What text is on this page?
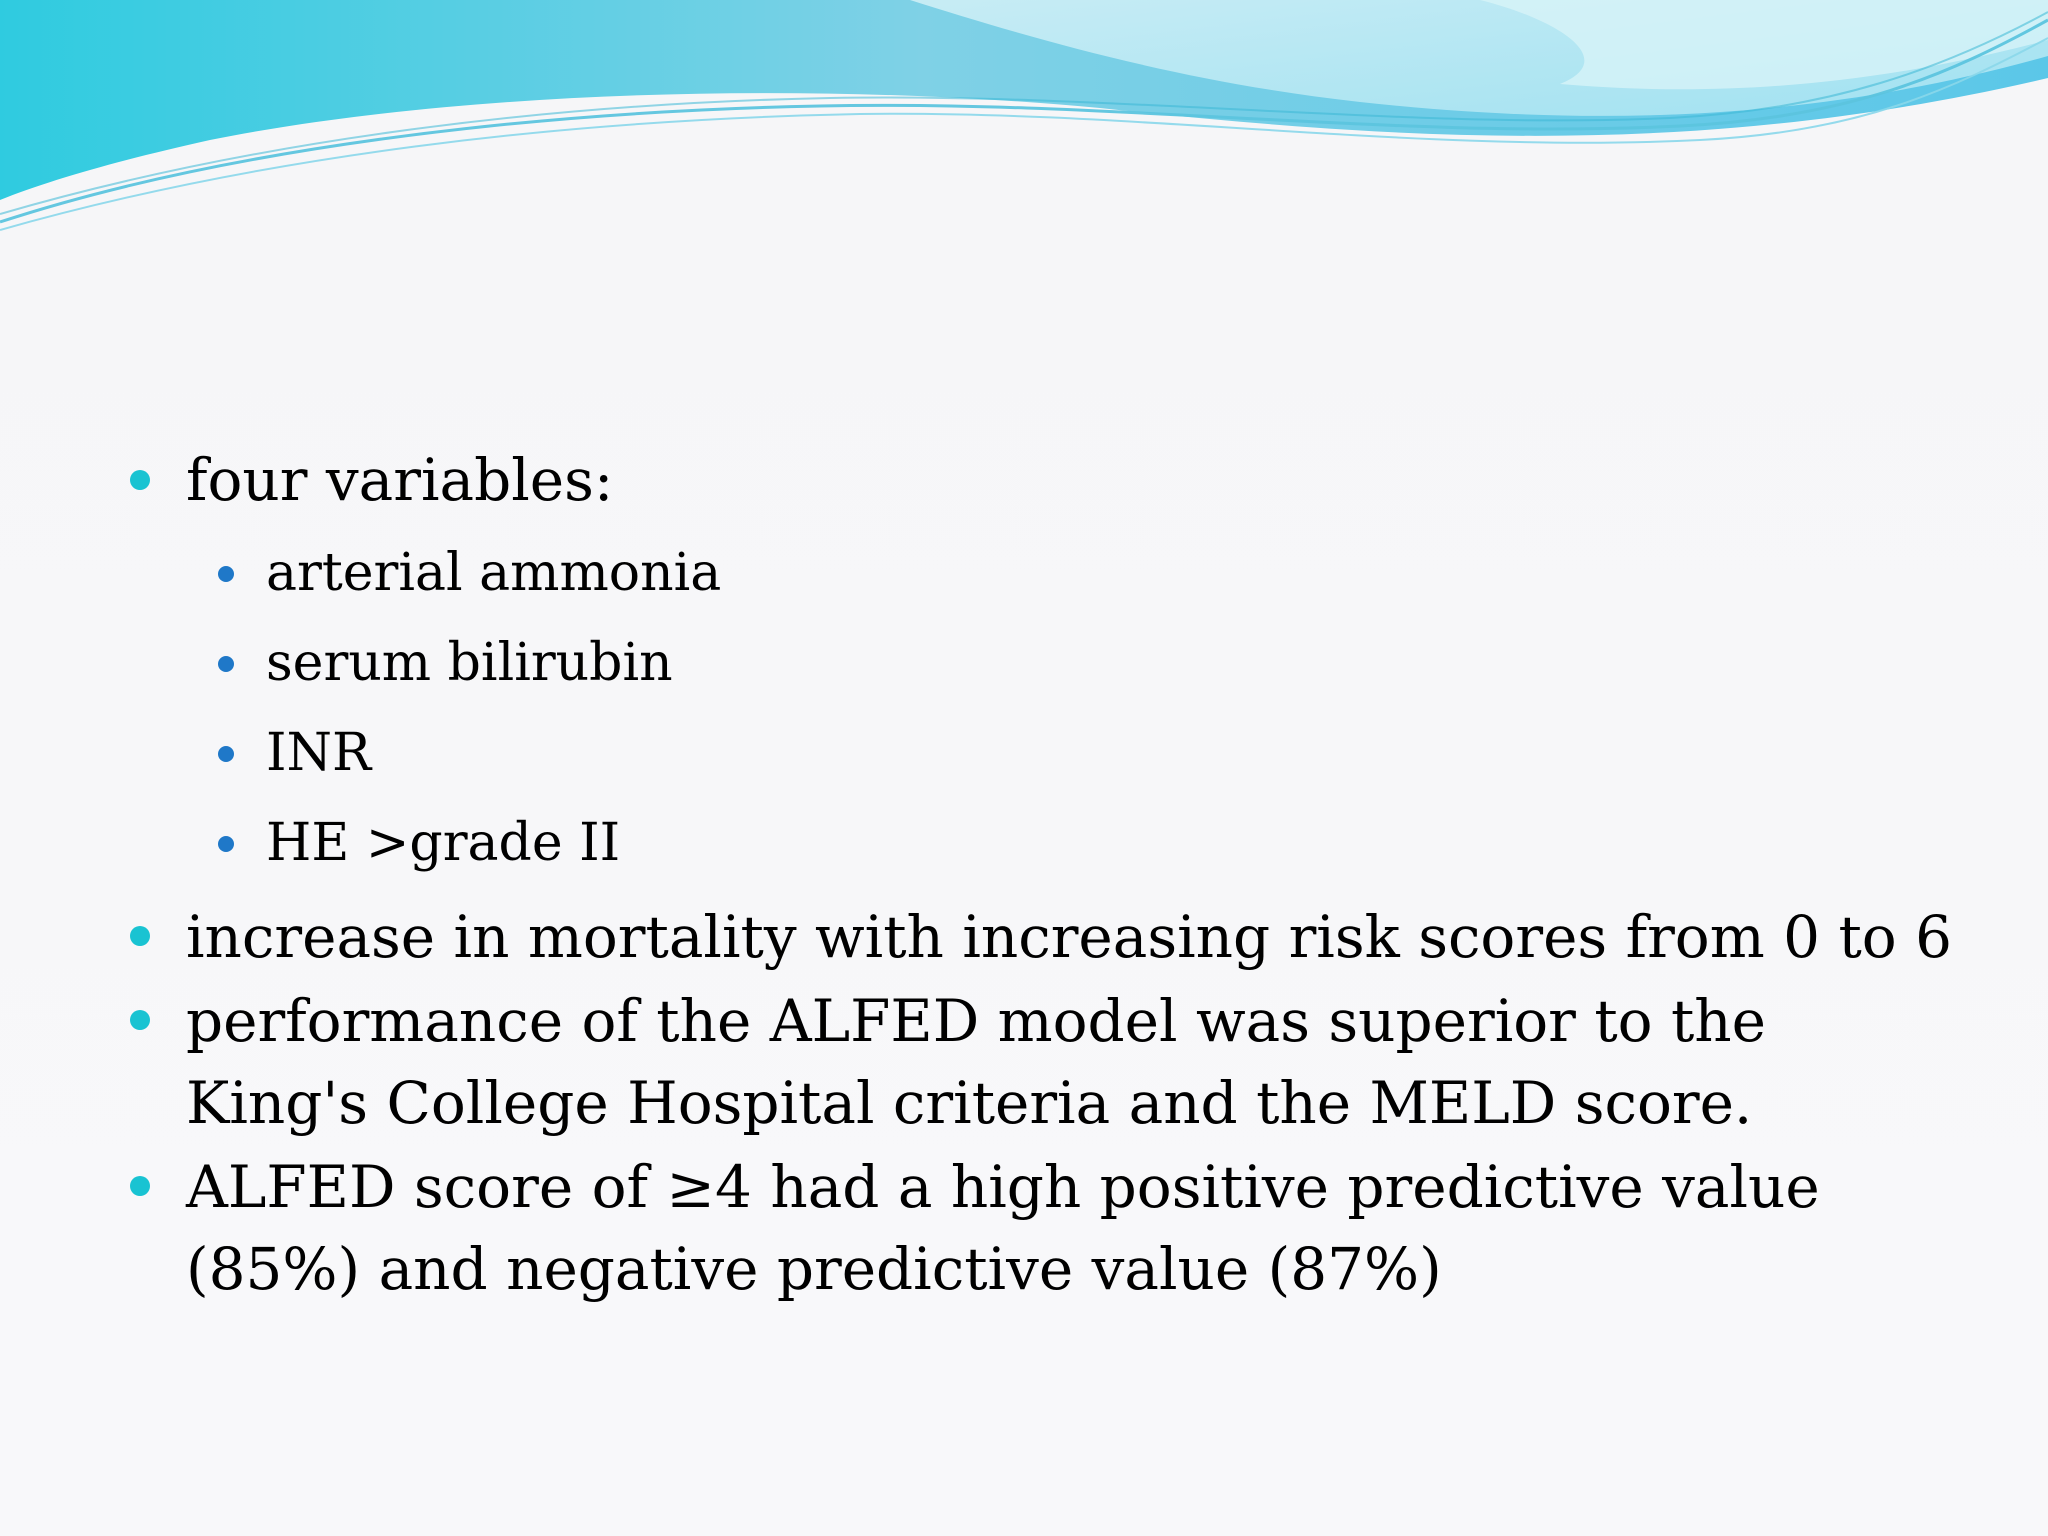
four variables:
arterial ammonia
serum bilirubin
INR
HE >grade II
increase in mortality with increasing risk scores from 0 to 6
performance of the ALFED model was superior to the
King's College Hospital criteria and the MELD score.
ALFED score of ≥4 had a high positive predictive value
(85%) and negative predictive value (87%)
